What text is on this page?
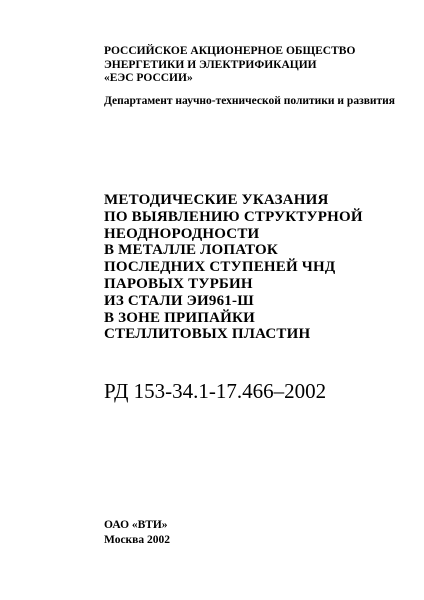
РОССИЙСКОЕ АКЦИОНЕРНОЕ ОБЩЕСТВО
ЭНЕРГЕТИКИ И ЭЛЕКТРИФИКАЦИИ
«ЕЭС РОССИИ»
Департамент научно-технической политики и развития
МЕТОДИЧЕСКИЕ УКАЗАНИЯ
ПО ВЫЯВЛЕНИЮ СТРУКТУРНОЙ
НЕОДНОРОДНОСТИ
В МЕТАЛЛЕ ЛОПАТОК
ПОСЛЕДНИХ СТУПЕНЕЙ ЧНД
ПАРОВЫХ ТУРБИН
ИЗ СТАЛИ ЭИ961-Ш
В ЗОНЕ ПРИПАЙКИ
СТЕЛЛИТОВЫХ ПЛАСТИН
РД 153-34.1-17.466–2002
ОАО «ВТИ»
Москва 2002
